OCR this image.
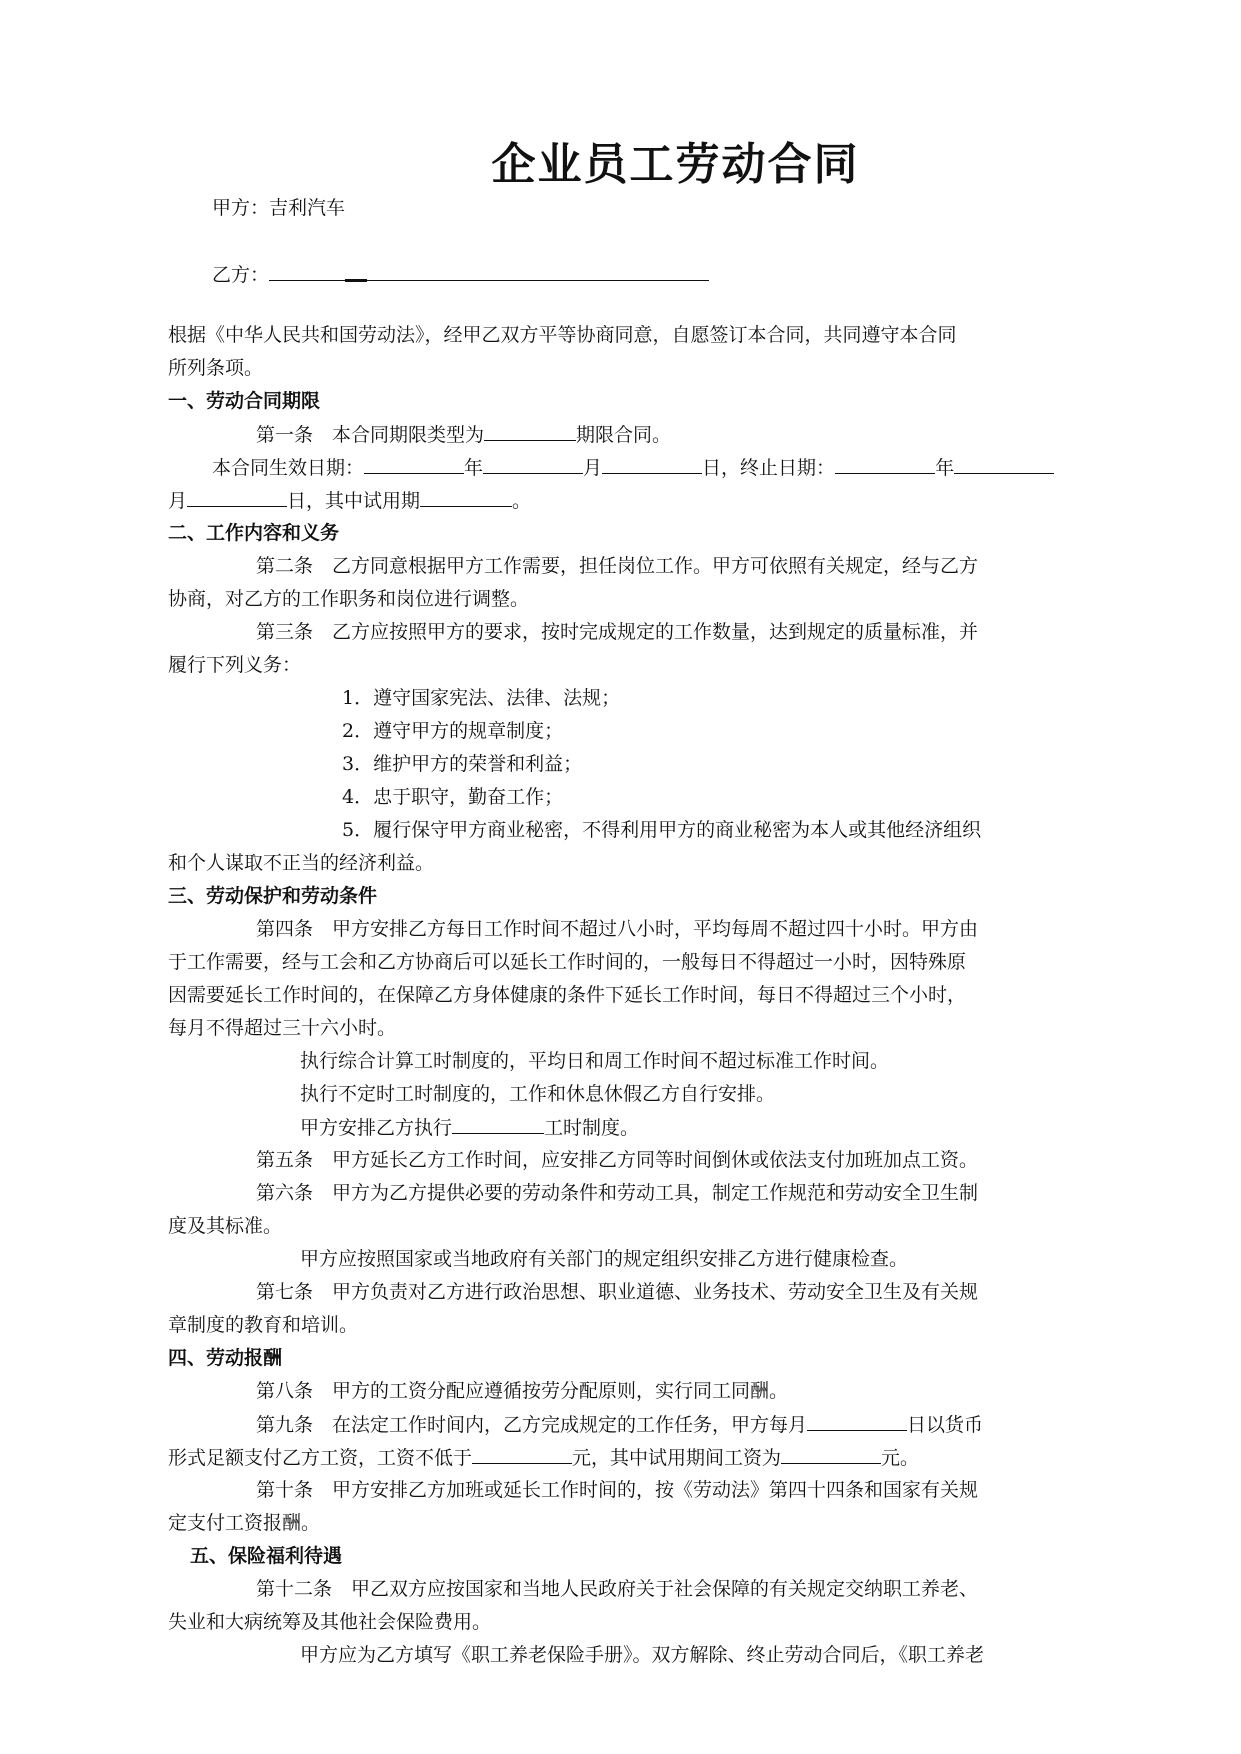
企业员工劳动合同
甲方：吉利汽车
乙方：
根据《中华人民共和国劳动法》，经甲乙双方平等协商同意，自愿签订本合同，共同遵守本合同
所列条项。
一、劳动合同期限
第一条　本合同期限类型为	期限合同。
本合同生效日期：	年	月	日，终止日期：	年
月	日，其中试用期	。
二、工作内容和义务
第二条　乙方同意根据甲方工作需要，担任岗位工作。甲方可依照有关规定，经与乙方
协商，对乙方的工作职务和岗位进行调整。
第三条　乙方应按照甲方的要求，按时完成规定的工作数量，达到规定的质量标准，并
履行下列义务：
1．遵守国家宪法、法律、法规；
2．遵守甲方的规章制度；
3．维护甲方的荣誉和利益；
4．忠于职守，勤奋工作；
5．履行保守甲方商业秘密，不得利用甲方的商业秘密为本人或其他经济组织
和个人谋取不正当的经济利益。
三、劳动保护和劳动条件
第四条　甲方安排乙方每日工作时间不超过八小时，平均每周不超过四十小时。甲方由
于工作需要，经与工会和乙方协商后可以延长工作时间的，一般每日不得超过一小时，因特殊原
因需要延长工作时间的，在保障乙方身体健康的条件下延长工作时间，每日不得超过三个小时，
每月不得超过三十六小时。
执行综合计算工时制度的，平均日和周工作时间不超过标准工作时间。
执行不定时工时制度的，工作和休息休假乙方自行安排。
甲方安排乙方执行	工时制度。
第五条　甲方延长乙方工作时间，应安排乙方同等时间倒休或依法支付加班加点工资。
第六条　甲方为乙方提供必要的劳动条件和劳动工具，制定工作规范和劳动安全卫生制
度及其标准。
甲方应按照国家或当地政府有关部门的规定组织安排乙方进行健康检查。
第七条　甲方负责对乙方进行政治思想、职业道德、业务技术、劳动安全卫生及有关规
章制度的教育和培训。
四、劳动报酬
第八条　甲方的工资分配应遵循按劳分配原则，实行同工同酬。
第九条　在法定工作时间内，乙方完成规定的工作任务，甲方每月	日以货币
形式足额支付乙方工资，工资不低于	元，其中试用期间工资为	元。
第十条　甲方安排乙方加班或延长工作时间的，按《劳动法》第四十四条和国家有关规
定支付工资报酬。
五、保险福利待遇
第十二条　甲乙双方应按国家和当地人民政府关于社会保障的有关规定交纳职工养老、
失业和大病统筹及其他社会保险费用。
甲方应为乙方填写《职工养老保险手册》。双方解除、终止劳动合同后，《职工养老
